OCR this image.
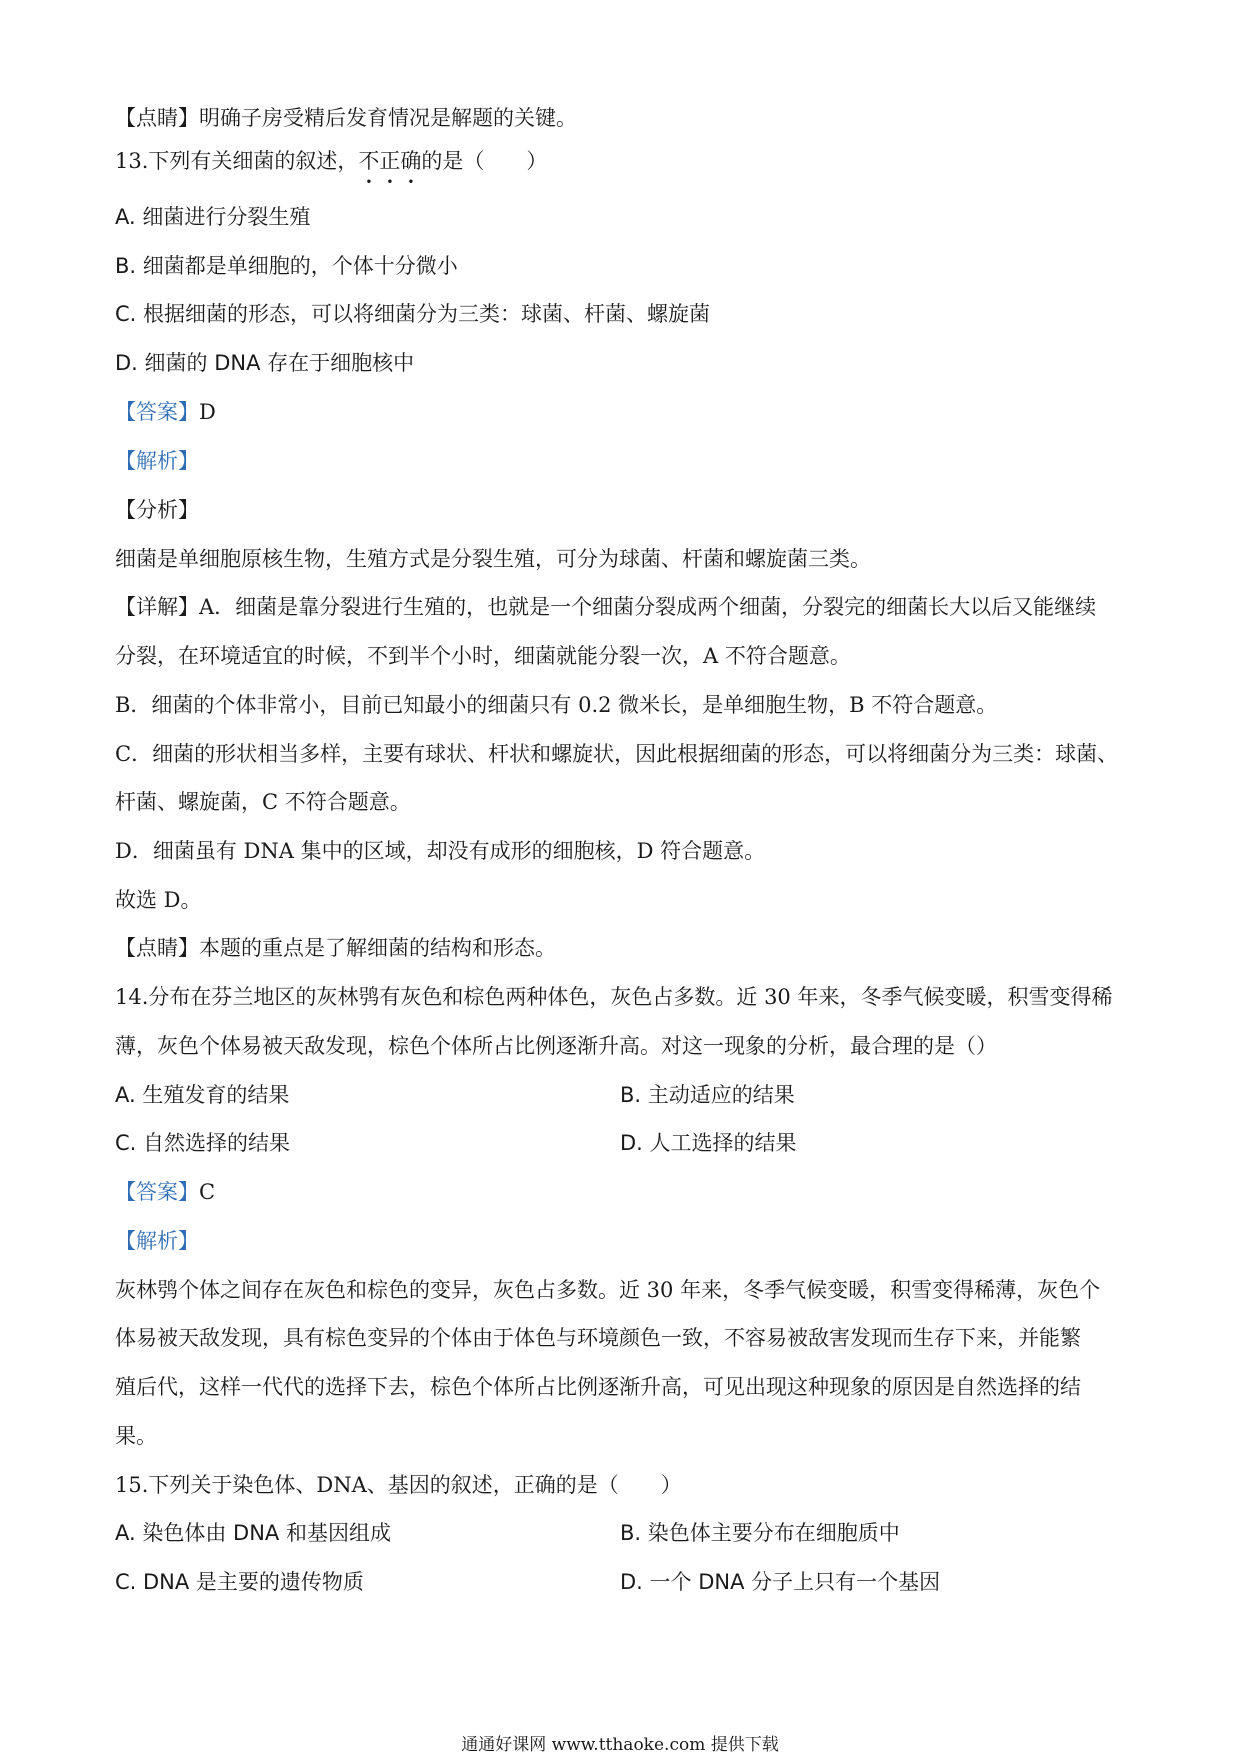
【点睛】明确子房受精后发育情况是解题的关键。
13.下列有关细菌的叙述，不正确的是（　　）
A. 细菌进行分裂生殖
B. 细菌都是单细胞的，个体十分微小
C. 根据细菌的形态，可以将细菌分为三类：球菌、杆菌、螺旋菌
D. 细菌的 DNA 存在于细胞核中
【答案】D
【解析】
【分析】
细菌是单细胞原核生物，生殖方式是分裂生殖，可分为球菌、杆菌和螺旋菌三类。
【详解】A．细菌是靠分裂进行生殖的，也就是一个细菌分裂成两个细菌，分裂完的细菌长大以后又能继续
分裂，在环境适宜的时候，不到半个小时，细菌就能分裂一次，A 不符合题意。
B．细菌的个体非常小，目前已知最小的细菌只有 0.2 微米长，是单细胞生物，B 不符合题意。
C．细菌的形状相当多样，主要有球状、杆状和螺旋状，因此根据细菌的形态，可以将细菌分为三类：球菌、
杆菌、螺旋菌，C 不符合题意。
D．细菌虽有 DNA 集中的区域，却没有成形的细胞核，D 符合题意。
故选 D。
【点睛】本题的重点是了解细菌的结构和形态。
14.分布在芬兰地区的灰林鸮有灰色和棕色两种体色，灰色占多数。近 30 年来，冬季气候变暖，积雪变得稀
薄，灰色个体易被天敌发现，棕色个体所占比例逐渐升高。对这一现象的分析，最合理的是（）
A. 生殖发育的结果	B. 主动适应的结果
C. 自然选择的结果	D. 人工选择的结果
【答案】C
【解析】
灰林鸮个体之间存在灰色和棕色的变异，灰色占多数。近 30 年来，冬季气候变暖，积雪变得稀薄，灰色个
体易被天敌发现，具有棕色变异的个体由于体色与环境颜色一致，不容易被敌害发现而生存下来，并能繁
殖后代，这样一代代的选择下去，棕色个体所占比例逐渐升高，可见出现这种现象的原因是自然选择的结
果。
15.下列关于染色体、DNA、基因的叙述，正确的是（　　）
A. 染色体由 DNA 和基因组成	B. 染色体主要分布在细胞质中
C. DNA 是主要的遗传物质	D. 一个 DNA 分子上只有一个基因
通通好课网 www.tthaoke.com 提供下载
